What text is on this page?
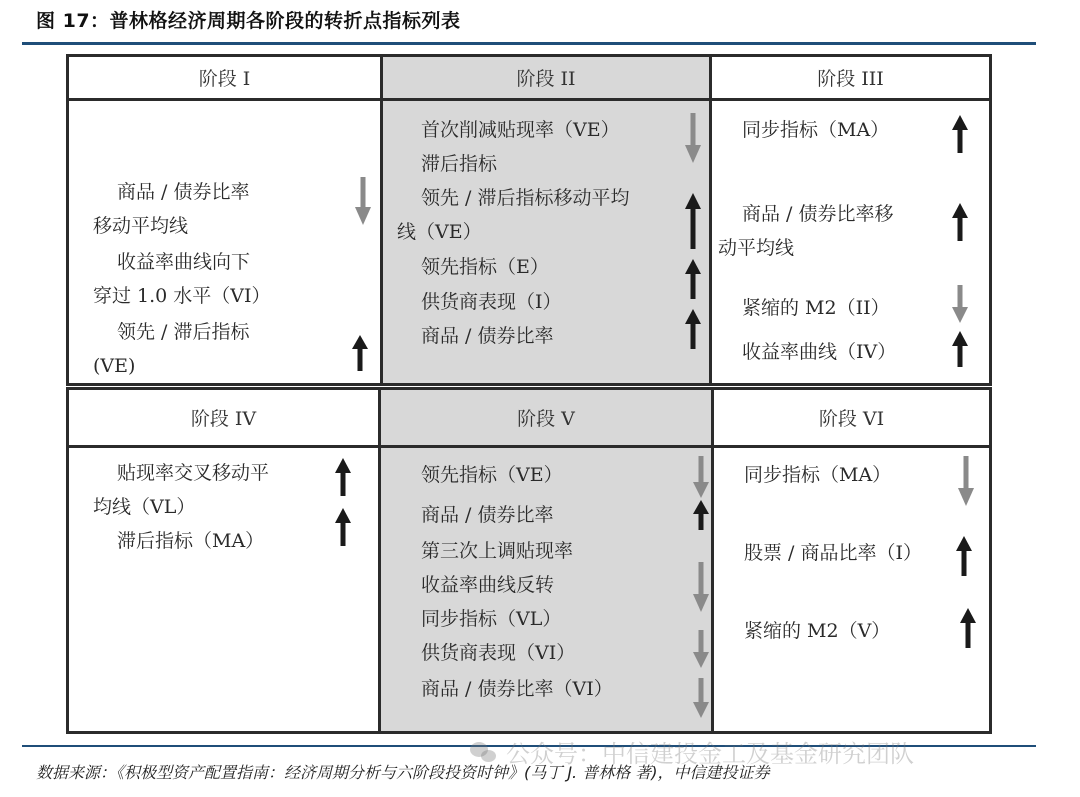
图 17：普林格经济周期各阶段的转折点指标列表
阶段 I
商品 / 债券比率
移动平均线
收益率曲线向下
穿过 1.0 水平（VI）
领先 / 滞后指标
(VE)
阶段 II
首次削减贴现率（VE）
滞后指标
领先 / 滞后指标移动平均
线（VE）
领先指标（E）
供货商表现（I）
商品 / 债券比率
阶段 III
同步指标（MA）
商品 / 债券比率移
动平均线
紧缩的 M2（II）
收益率曲线（IV）
阶段 IV
贴现率交叉移动平
均线（VL）
滞后指标（MA）
阶段 V
领先指标（VE）
商品 / 债券比率
第三次上调贴现率
收益率曲线反转
同步指标（VL）
供货商表现（VI）
商品 / 债券比率（VI）
阶段 VI
同步指标（MA）
股票 / 商品比率（I）
紧缩的 M2（V）
公众号：中信建投金工及基金研究团队
数据来源：《积极型资产配置指南：经济周期分析与六阶段投资时钟》(马丁 J. 普林格 著)，中信建投证券
